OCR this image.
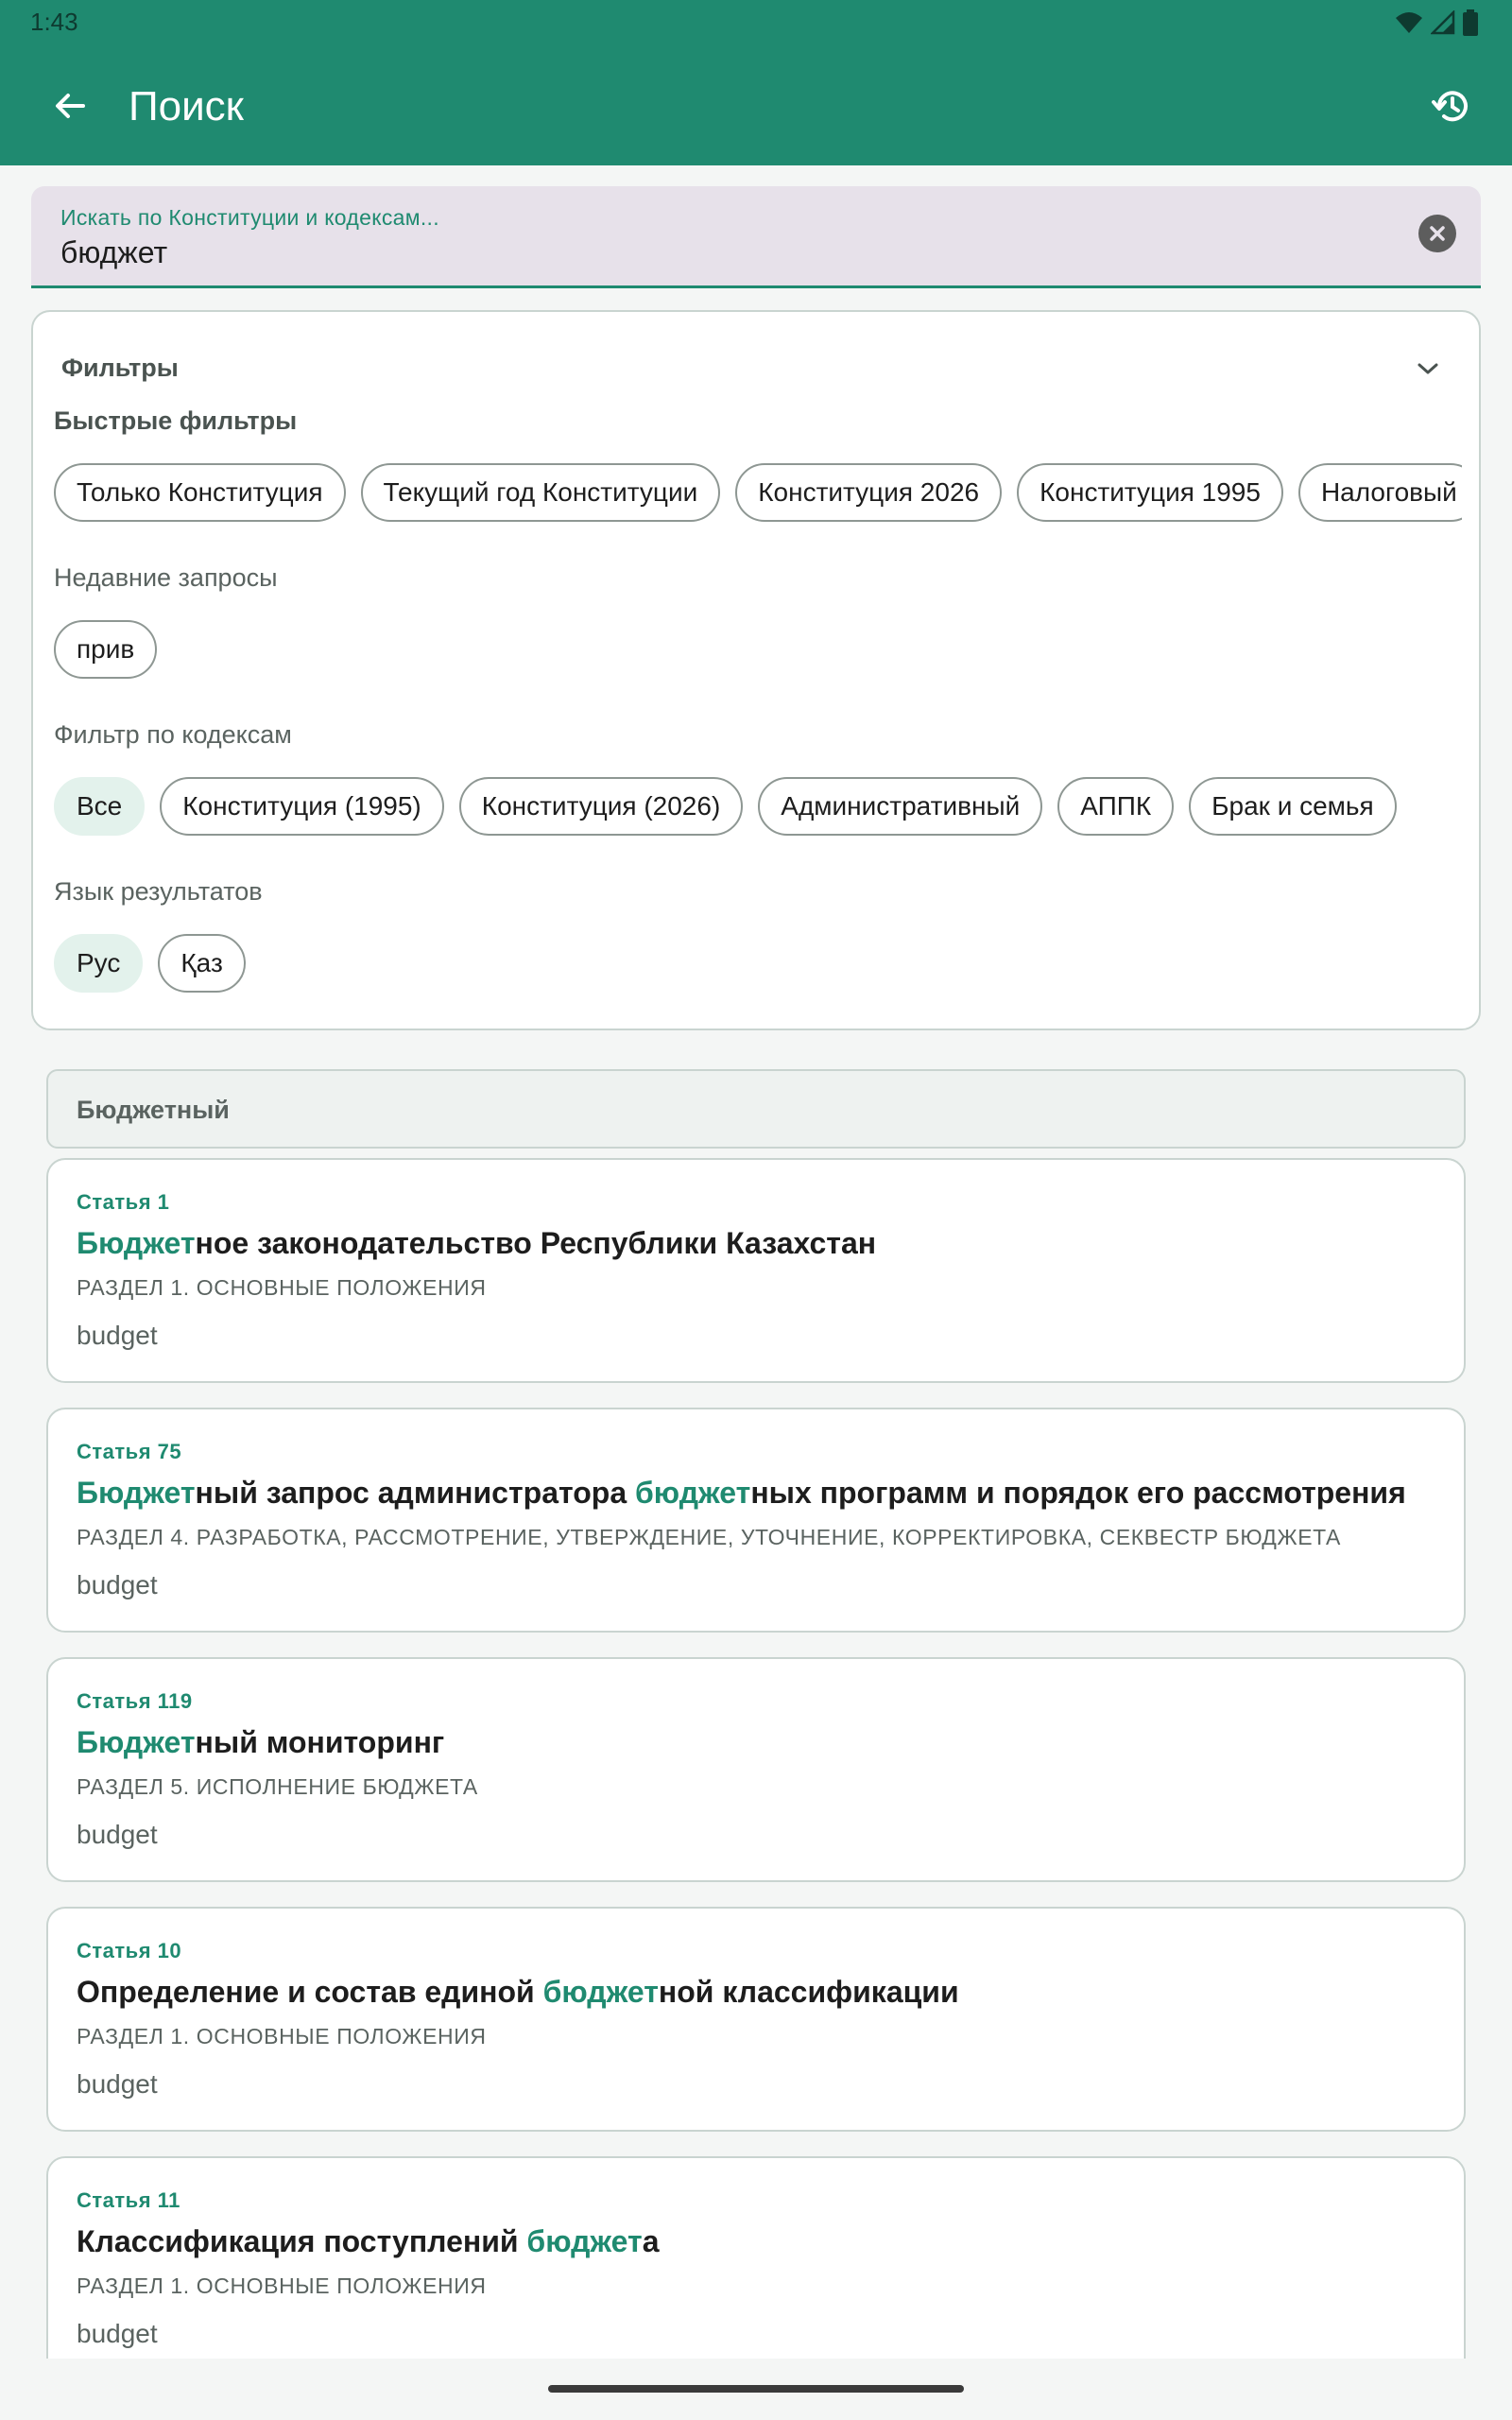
1:43
Поиск
Искать по Конституции и кодексам...
бюджет
Фильтры
Быстрые фильтры
Только Конституция	Текущий год Конституции	Конституция 2026	Конституция 1995	Налоговый
Недавние запросы
прив
Фильтр по кодексам
Все	Конституция (1995)	Конституция (2026)	Административный	АППК	Брак и семья
Язык результатов
Рус	Қаз
Бюджетный
Статья 1
Бюджетное законодательство Республики Казахстан
РАЗДЕЛ 1. ОСНОВНЫЕ ПОЛОЖЕНИЯ
budget
Статья 75
Бюджетный запрос администратора бюджетных программ и порядок его рассмотрения
РАЗДЕЛ 4. РАЗРАБОТКА, РАССМОТРЕНИЕ, УТВЕРЖДЕНИЕ, УТОЧНЕНИЕ, КОРРЕКТИРОВКА, СЕКВЕСТР БЮДЖЕТА
budget
Статья 119
Бюджетный мониторинг
РАЗДЕЛ 5. ИСПОЛНЕНИЕ БЮДЖЕТА
budget
Статья 10
Определение и состав единой бюджетной классификации
РАЗДЕЛ 1. ОСНОВНЫЕ ПОЛОЖЕНИЯ
budget
Статья 11
Классификация поступлений бюджета
РАЗДЕЛ 1. ОСНОВНЫЕ ПОЛОЖЕНИЯ
budget
